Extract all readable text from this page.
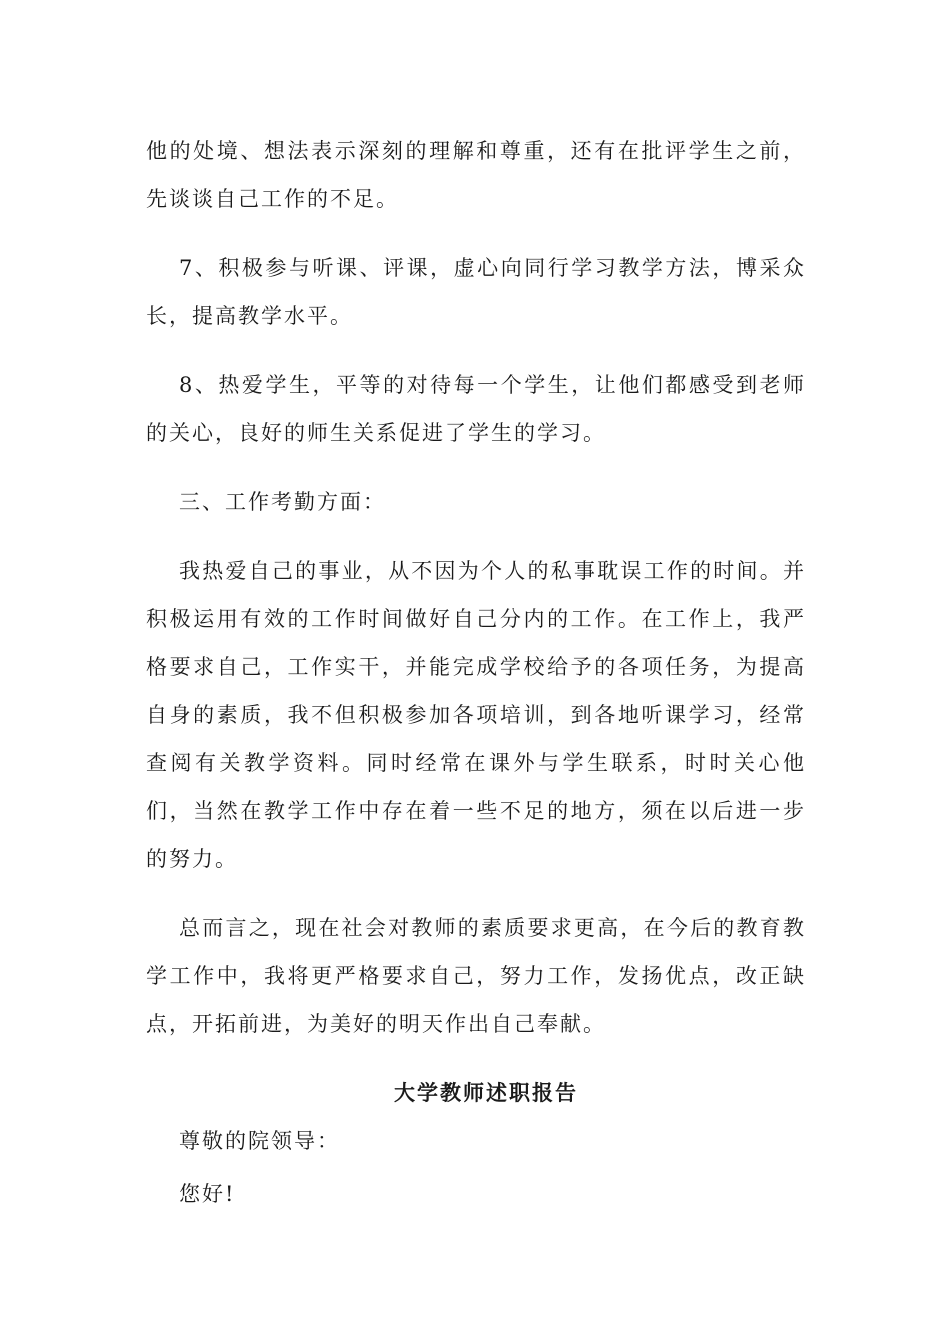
他的处境、想法表示深刻的理解和尊重，还有在批评学生之前，先谈谈自己工作的不足。

7、积极参与听课、评课，虚心向同行学习教学方法，博采众长，提高教学水平。

8、热爱学生，平等的对待每一个学生，让他们都感受到老师的关心，良好的师生关系促进了学生的学习。

三、工作考勤方面：

我热爱自己的事业，从不因为个人的私事耽误工作的时间。并积极运用有效的工作时间做好自己分内的工作。在工作上，我严格要求自己，工作实干，并能完成学校给予的各项任务，为提高自身的素质，我不但积极参加各项培训，到各地听课学习，经常查阅有关教学资料。同时经常在课外与学生联系，时时关心他们，当然在教学工作中存在着一些不足的地方，须在以后进一步的努力。

总而言之，现在社会对教师的素质要求更高，在今后的教育教学工作中，我将更严格要求自己，努力工作，发扬优点，改正缺点，开拓前进，为美好的明天作出自己奉献。

大学教师述职报告

尊敬的院领导：

您好!
